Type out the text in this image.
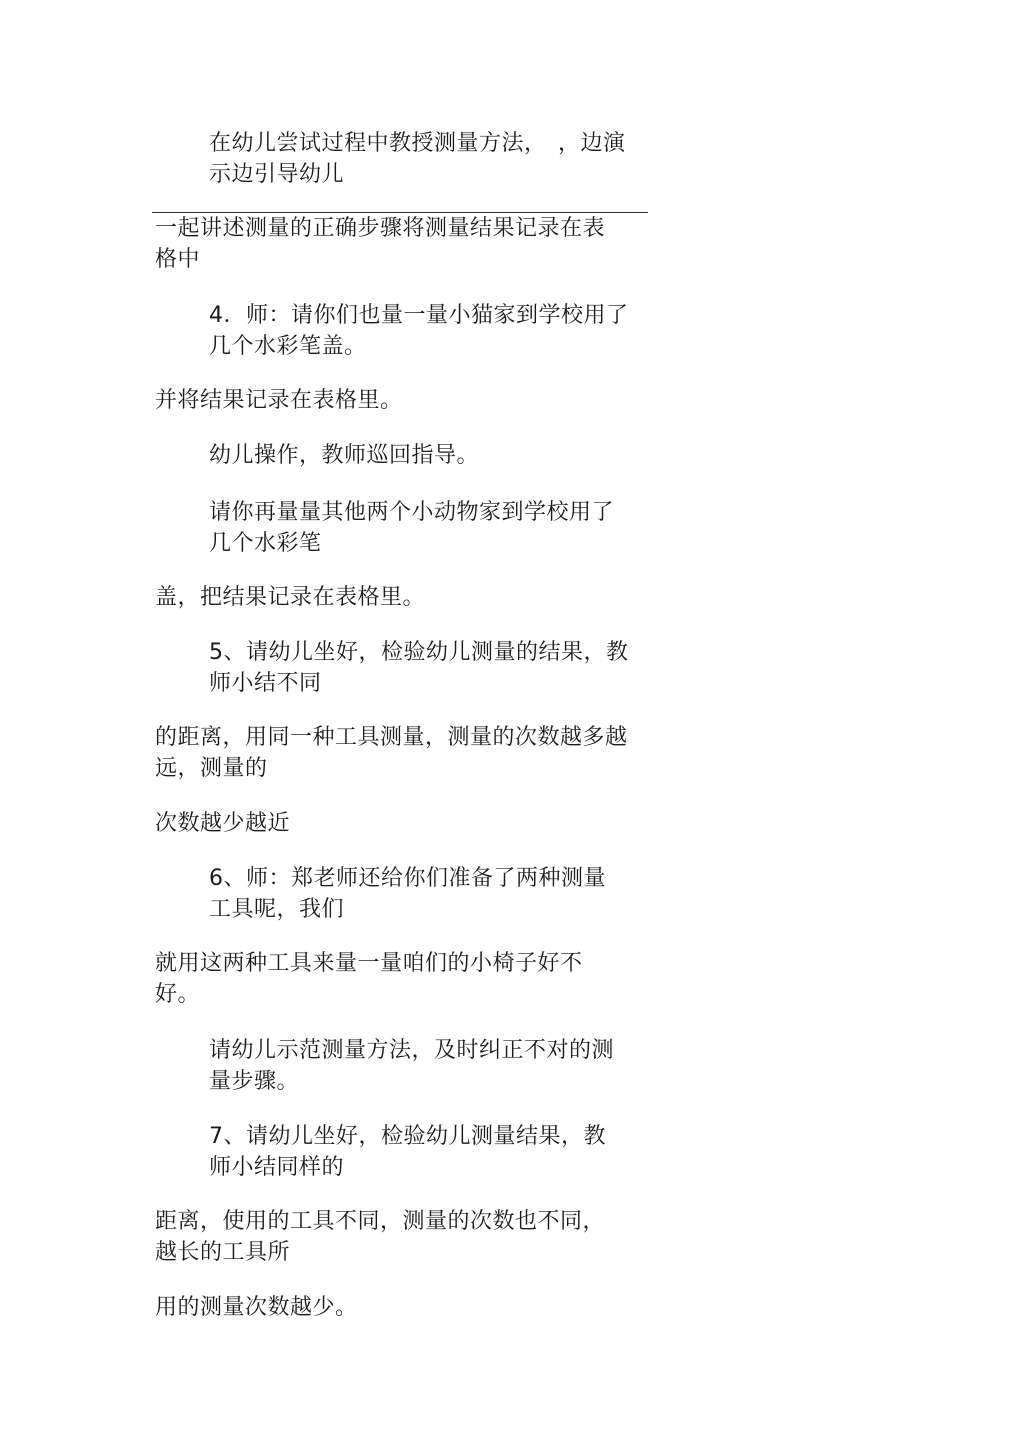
在幼儿尝试过程中教授测量方法，　，边演
示边引导幼儿
一起讲述测量的正确步骤将测量结果记录在表
格中
4．师：请你们也量一量小猫家到学校用了
几个水彩笔盖。
并将结果记录在表格里。
幼儿操作，教师巡回指导。
请你再量量其他两个小动物家到学校用了
几个水彩笔
盖，把结果记录在表格里。
5、请幼儿坐好，检验幼儿测量的结果，教
师小结不同
的距离，用同一种工具测量，测量的次数越多越
远，测量的
次数越少越近
6、师：郑老师还给你们准备了两种测量
工具呢，我们
就用这两种工具来量一量咱们的小椅子好不
好。
请幼儿示范测量方法，及时纠正不对的测
量步骤。
7、请幼儿坐好，检验幼儿测量结果，教
师小结同样的
距离，使用的工具不同，测量的次数也不同，
越长的工具所
用的测量次数越少。
